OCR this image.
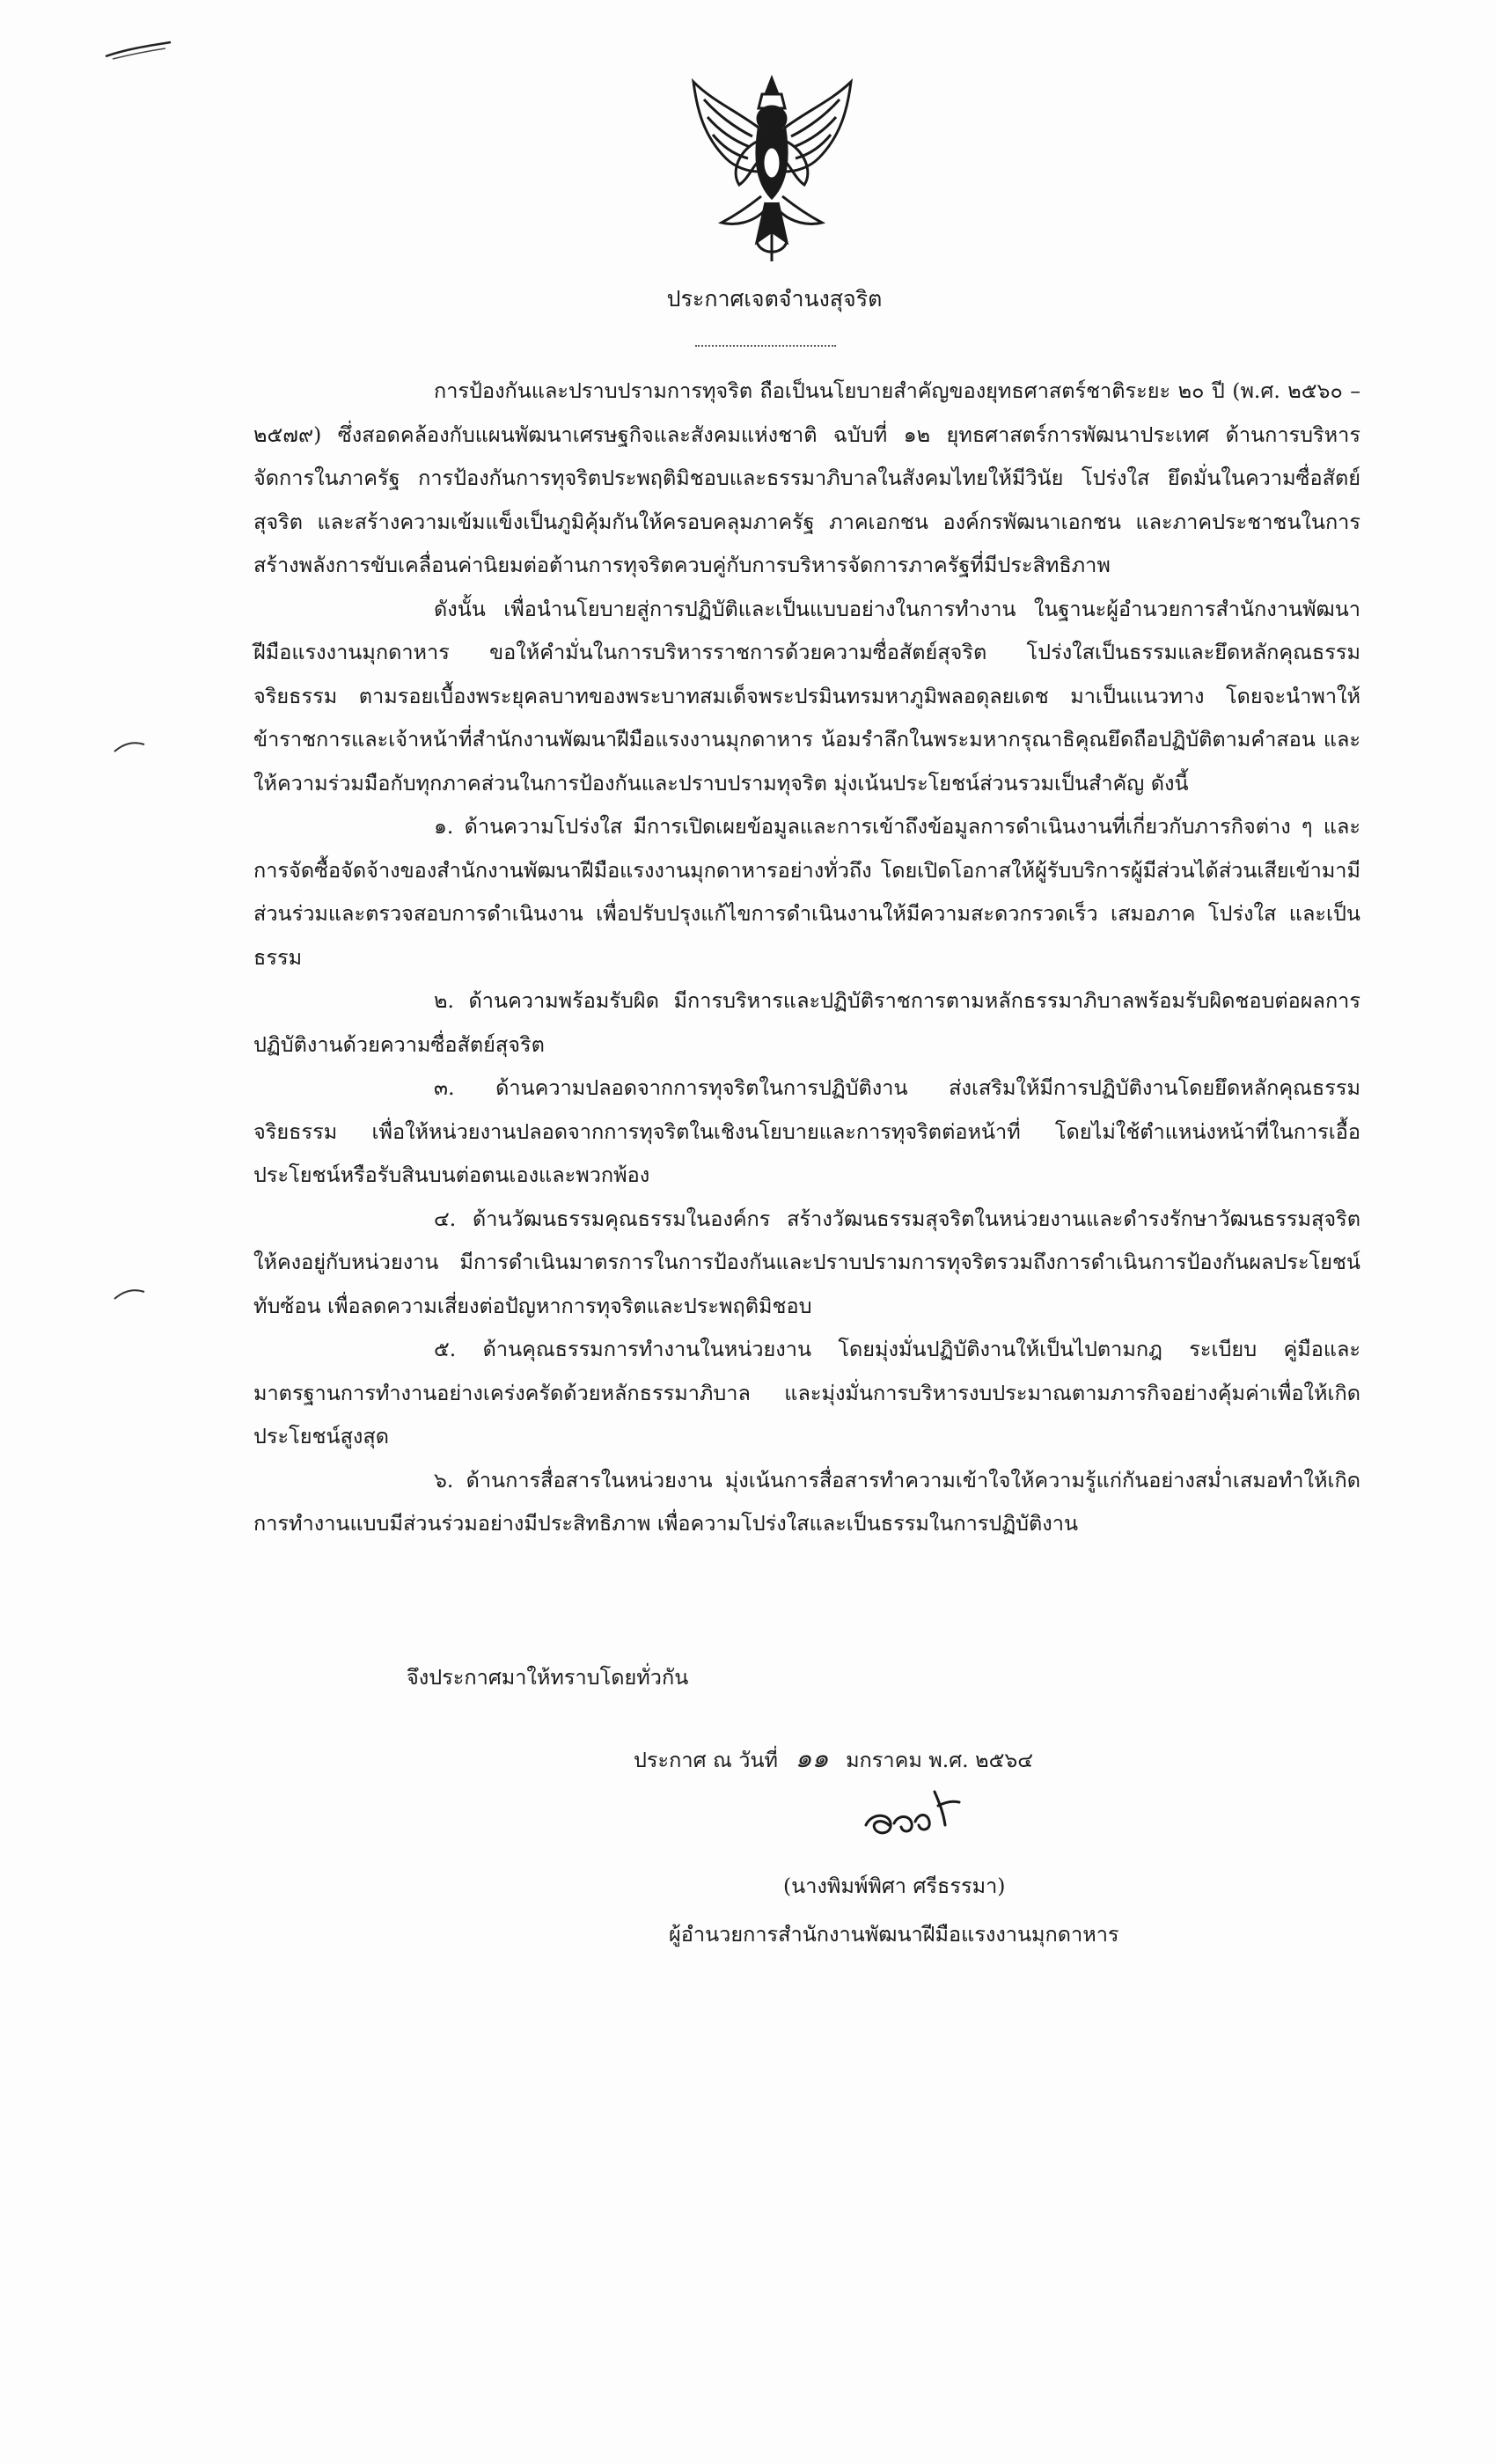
ประกาศเจตจำนงสุจริต

การป้องกันและปราบปรามการทุจริต ถือเป็นนโยบายสำคัญของยุทธศาสตร์ชาติระยะ ๒๐ ปี (พ.ศ. ๒๕๖๐ – ๒๕๗๙) ซึ่งสอดคล้องกับแผนพัฒนาเศรษฐกิจและสังคมแห่งชาติ ฉบับที่ ๑๒ ยุทธศาสตร์การพัฒนาประเทศ ด้านการบริหารจัดการในภาครัฐ การป้องกันการทุจริตประพฤติมิชอบและธรรมาภิบาลในสังคมไทยให้มีวินัย โปร่งใส ยึดมั่นในความซื่อสัตย์สุจริต และสร้างความเข้มแข็งเป็นภูมิคุ้มกันให้ครอบคลุมภาครัฐ ภาคเอกชน องค์กรพัฒนาเอกชน และภาคประชาชนในการสร้างพลังการขับเคลื่อนค่านิยมต่อต้านการทุจริตควบคู่กับการบริหารจัดการภาครัฐที่มีประสิทธิภาพ

ดังนั้น เพื่อนำนโยบายสู่การปฏิบัติและเป็นแบบอย่างในการทำงาน ในฐานะผู้อำนวยการสำนักงานพัฒนาฝีมือแรงงานมุกดาหาร ขอให้คำมั่นในการบริหารราชการด้วยความซื่อสัตย์สุจริต โปร่งใสเป็นธรรมและยึดหลักคุณธรรม จริยธรรม ตามรอยเบื้องพระยุคลบาทของพระบาทสมเด็จพระปรมินทรมหาภูมิพลอดุลยเดช มาเป็นแนวทาง โดยจะนำพาให้ข้าราชการและเจ้าหน้าที่สำนักงานพัฒนาฝีมือแรงงานมุกดาหาร น้อมรำลึกในพระมหากรุณาธิคุณยึดถือปฏิบัติตามคำสอน และให้ความร่วมมือกับทุกภาคส่วนในการป้องกันและปราบปรามทุจริต มุ่งเน้นประโยชน์ส่วนรวมเป็นสำคัญ ดังนี้

๑. ด้านความโปร่งใส มีการเปิดเผยข้อมูลและการเข้าถึงข้อมูลการดำเนินงานที่เกี่ยวกับภารกิจต่าง ๆ และการจัดซื้อจัดจ้างของสำนักงานพัฒนาฝีมือแรงงานมุกดาหารอย่างทั่วถึง โดยเปิดโอกาสให้ผู้รับบริการผู้มีส่วนได้ส่วนเสียเข้ามามีส่วนร่วมและตรวจสอบการดำเนินงาน เพื่อปรับปรุงแก้ไขการดำเนินงานให้มีความสะดวกรวดเร็ว เสมอภาค โปร่งใส และเป็นธรรม

๒. ด้านความพร้อมรับผิด มีการบริหารและปฏิบัติราชการตามหลักธรรมาภิบาลพร้อมรับผิดชอบต่อผลการปฏิบัติงานด้วยความซื่อสัตย์สุจริต

๓. ด้านความปลอดจากการทุจริตในการปฏิบัติงาน ส่งเสริมให้มีการปฏิบัติงานโดยยึดหลักคุณธรรม จริยธรรม เพื่อให้หน่วยงานปลอดจากการทุจริตในเชิงนโยบายและการทุจริตต่อหน้าที่ โดยไม่ใช้ตำแหน่งหน้าที่ในการเอื้อประโยชน์หรือรับสินบนต่อตนเองและพวกพ้อง

๔. ด้านวัฒนธรรมคุณธรรมในองค์กร สร้างวัฒนธรรมสุจริตในหน่วยงานและดำรงรักษาวัฒนธรรมสุจริตให้คงอยู่กับหน่วยงาน มีการดำเนินมาตรการในการป้องกันและปราบปรามการทุจริตรวมถึงการดำเนินการป้องกันผลประโยชน์ทับซ้อน เพื่อลดความเสี่ยงต่อปัญหาการทุจริตและประพฤติมิชอบ

๕. ด้านคุณธรรมการทำงานในหน่วยงาน โดยมุ่งมั่นปฏิบัติงานให้เป็นไปตามกฎ ระเบียบ คู่มือและมาตรฐานการทำงานอย่างเคร่งครัดด้วยหลักธรรมาภิบาล และมุ่งมั่นการบริหารงบประมาณตามภารกิจอย่างคุ้มค่าเพื่อให้เกิดประโยชน์สูงสุด

๖. ด้านการสื่อสารในหน่วยงาน มุ่งเน้นการสื่อสารทำความเข้าใจให้ความรู้แก่กันอย่างสม่ำเสมอทำให้เกิดการทำงานแบบมีส่วนร่วมอย่างมีประสิทธิภาพ เพื่อความโปร่งใสและเป็นธรรมในการปฏิบัติงาน

จึงประกาศมาให้ทราบโดยทั่วกัน
ประกาศ ณ วันที่ ๑๑ มกราคม พ.ศ. ๒๕๖๔
(นางพิมพ์พิศา ศรีธรรมา)
ผู้อำนวยการสำนักงานพัฒนาฝีมือแรงงานมุกดาหาร
